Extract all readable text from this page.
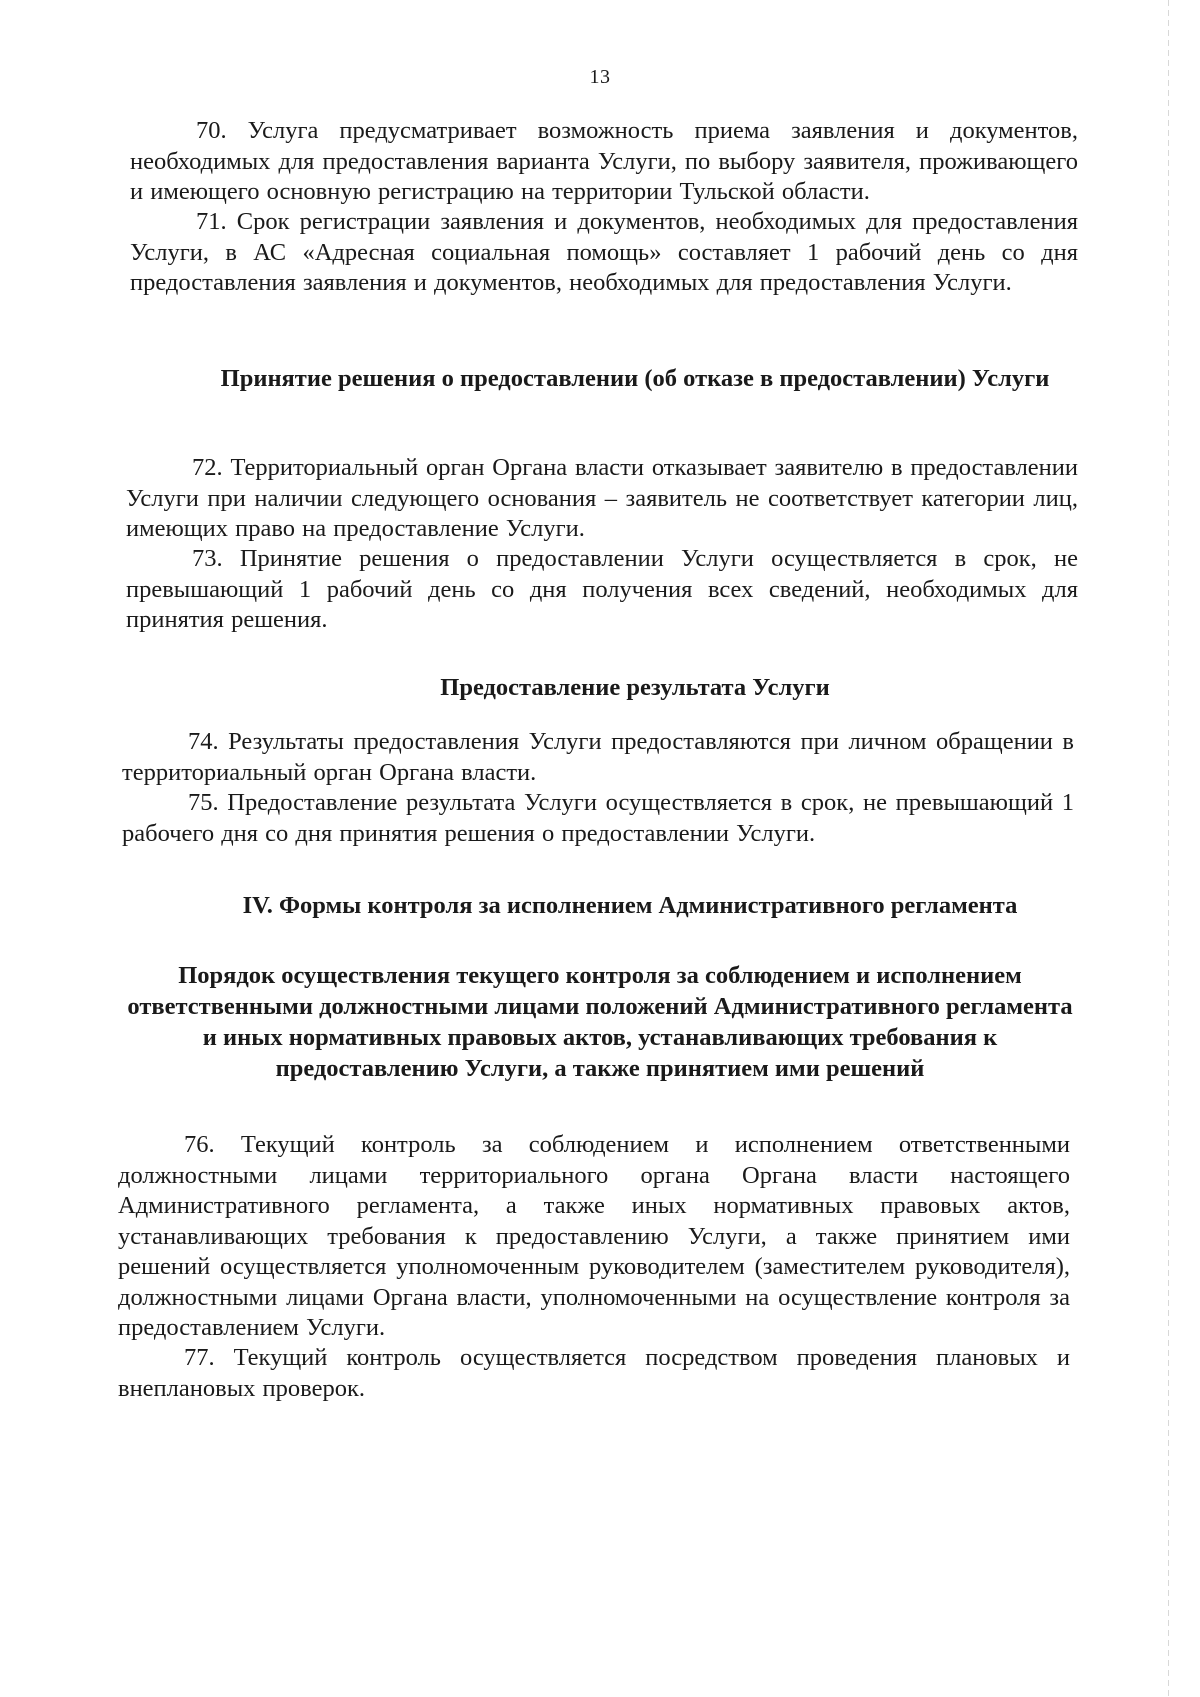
13

70. Услуга предусматривает возможность приема заявления и документов, необходимых для предоставления варианта Услуги, по выбору заявителя, проживающего и имеющего основную регистрацию на территории Тульской области.

71. Срок регистрации заявления и документов, необходимых для предоставления Услуги, в АС «Адресная социальная помощь» составляет 1 рабочий день со дня предоставления заявления и документов, необходимых для предоставления Услуги.

Принятие решения о предоставлении (об отказе в предоставлении) Услуги

72. Территориальный орган Органа власти отказывает заявителю в предоставлении Услуги при наличии следующего основания – заявитель не соответствует категории лиц, имеющих право на предоставление Услуги.

73. Принятие решения о предоставлении Услуги осуществляется в срок, не превышающий 1 рабочий день со дня получения всех сведений, необходимых для принятия решения.

Предоставление результата Услуги

74. Результаты предоставления Услуги предоставляются при личном обращении в территориальный орган Органа власти.

75. Предоставление результата Услуги осуществляется в срок, не превышающий 1 рабочего дня со дня принятия решения о предоставлении Услуги.

IV. Формы контроля за исполнением Административного регламента
Порядок осуществления текущего контроля за соблюдением и исполнением ответственными должностными лицами положений Административного регламента и иных нормативных правовых актов, устанавливающих требования к предоставлению Услуги, а также принятием ими решений

76. Текущий контроль за соблюдением и исполнением ответственными должностными лицами территориального органа Органа власти настоящего Административного регламента, а также иных нормативных правовых актов, устанавливающих требования к предоставлению Услуги, а также принятием ими решений осуществляется уполномоченным руководителем (заместителем руководителя), должностными лицами Органа власти, уполномоченными на осуществление контроля за предоставлением Услуги.

77. Текущий контроль осуществляется посредством проведения плановых и внеплановых проверок.
